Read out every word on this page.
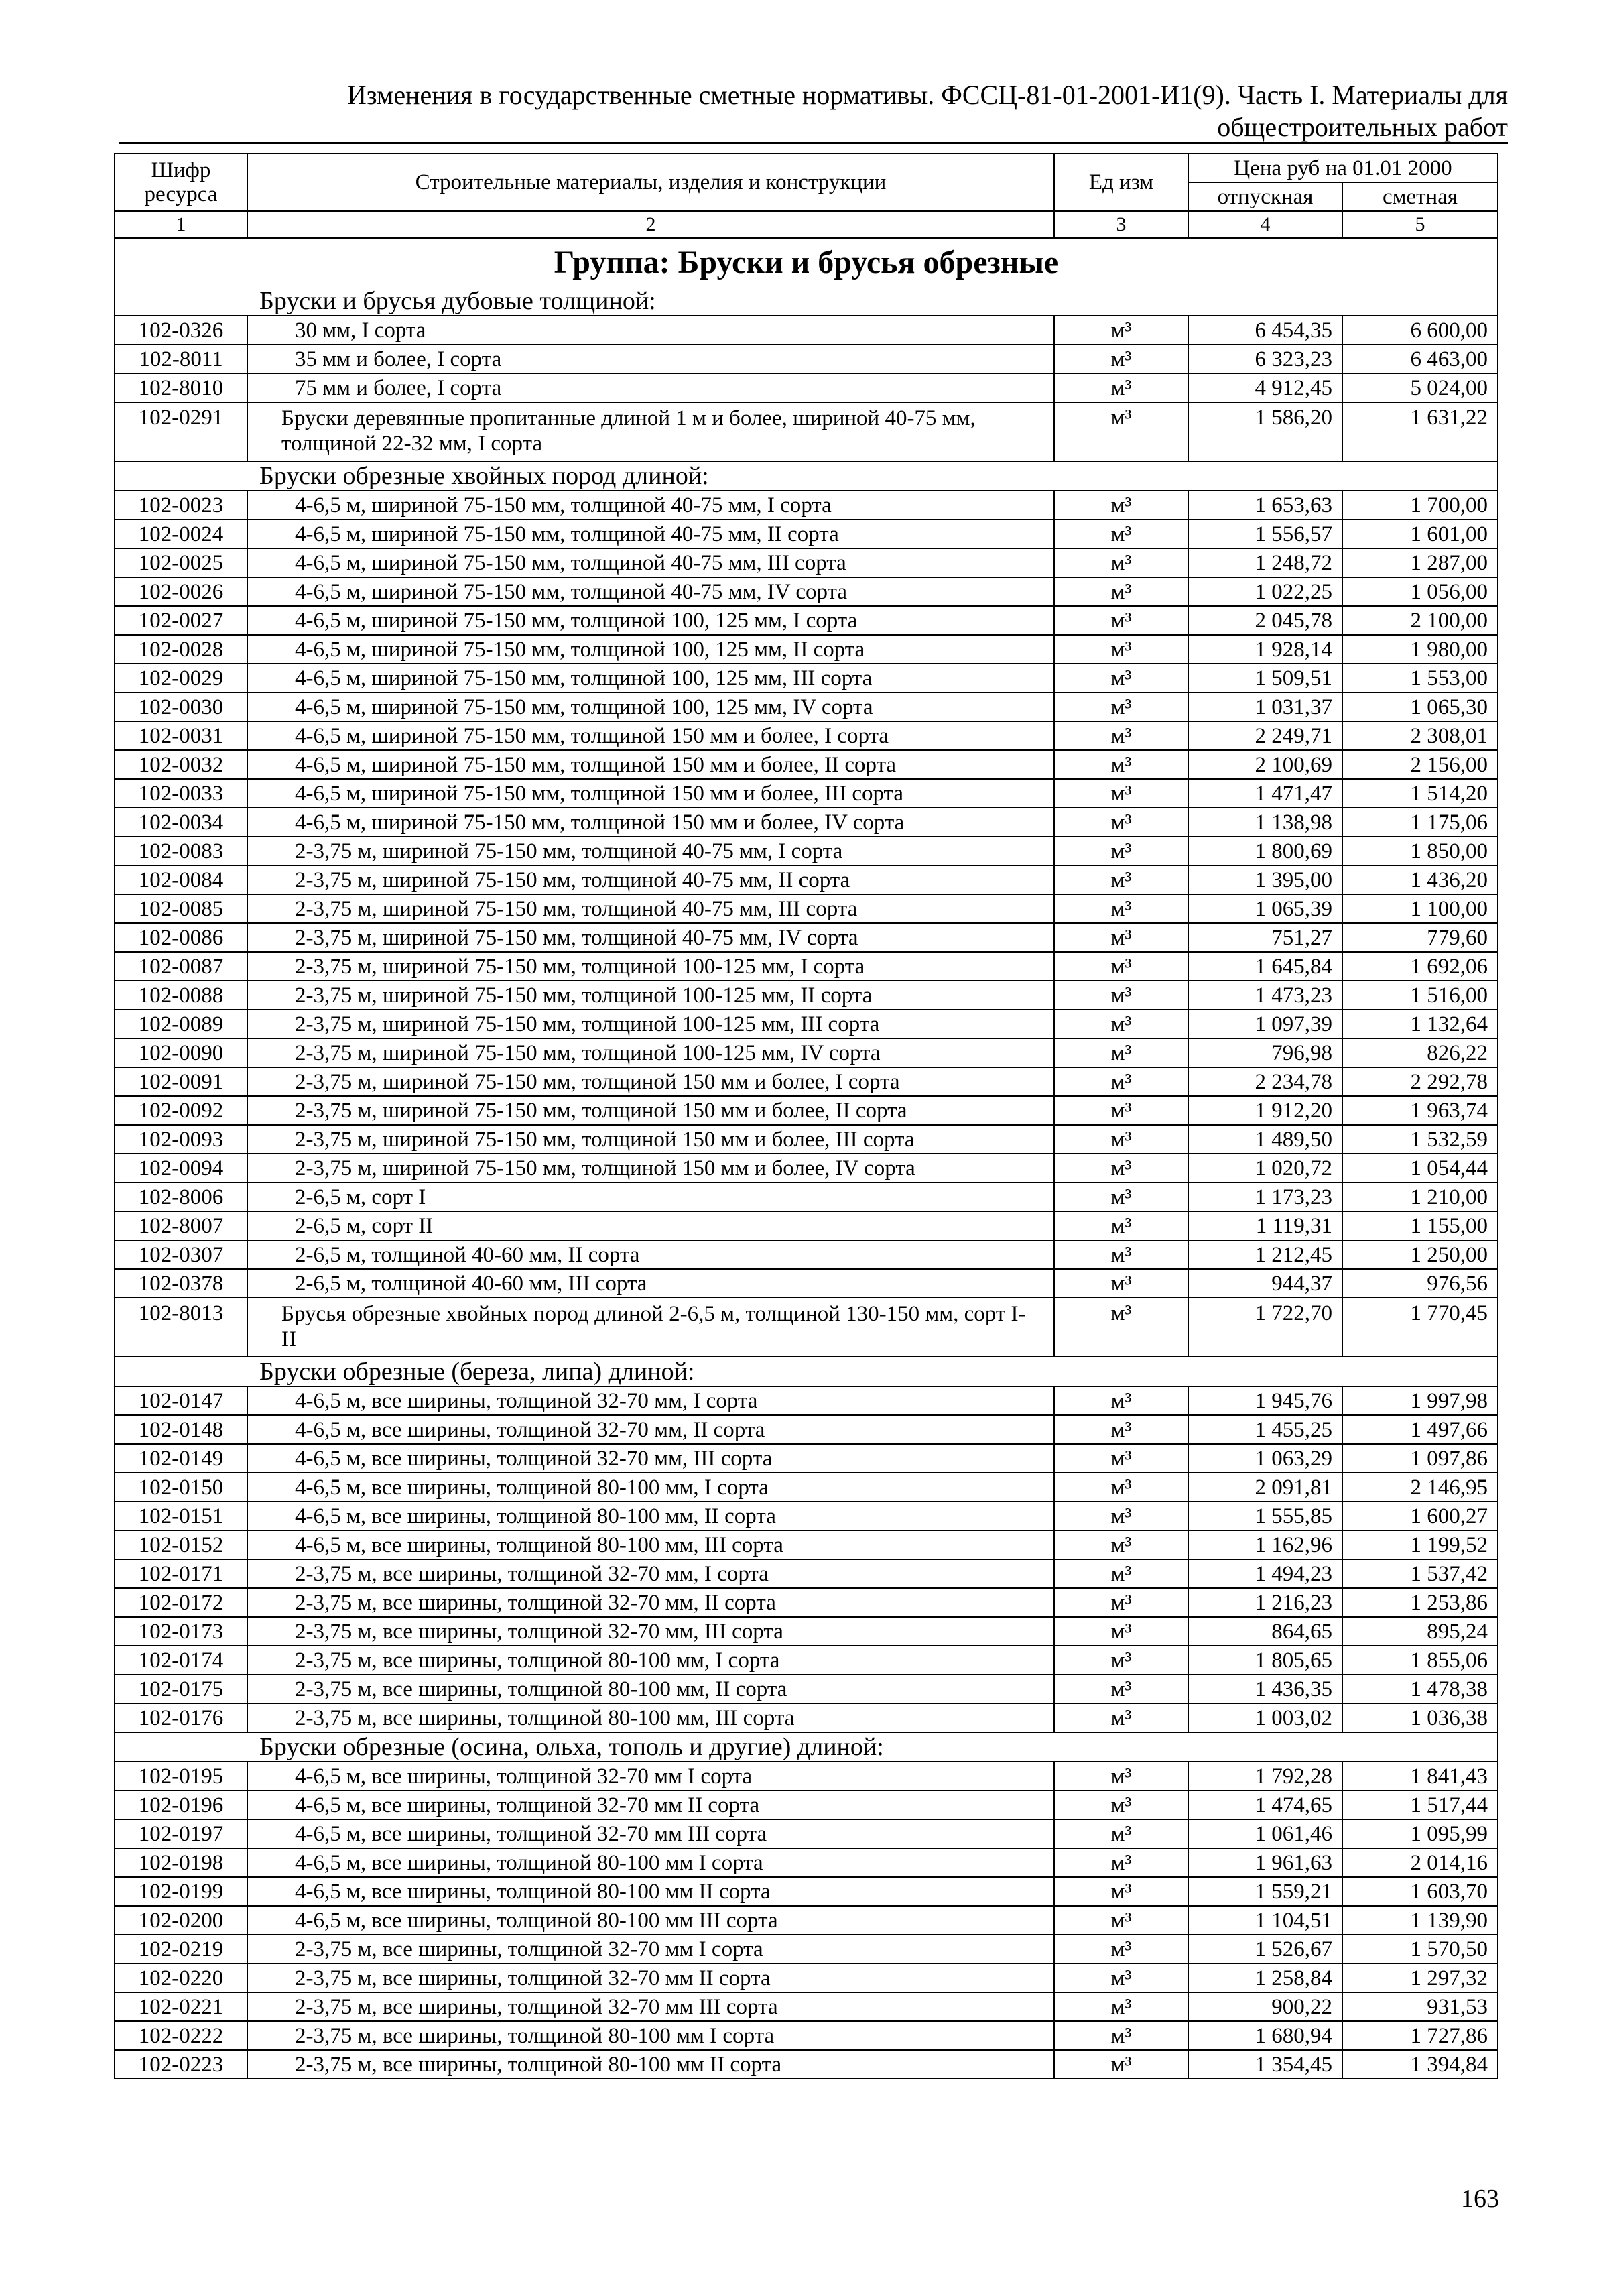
Изменения в государственные сметные нормативы. ФССЦ-81-01-2001-И1(9). Часть I. Материалы для
общестроительных работ
Шифр ресурса	Строительные материалы, изделия и конструкции	Ед изм	Цена руб на 01.01 2000	
			отпускная	сметная
1	2	3	4	5
Группа: Бруски и брусья обрезные				
Бруски и брусья дубовые толщиной:				
102-0326	30 мм, I сорта	м³	6 454,35	6 600,00
102-8011	35 мм и более, I сорта	м³	6 323,23	6 463,00
102-8010	75 мм и более, I сорта	м³	4 912,45	5 024,00
102-0291	Бруски деревянные пропитанные длиной 1 м и более, шириной 40-75 мм, толщиной 22-32 мм, I сорта	м³	1 586,20	1 631,22
Бруски обрезные хвойных пород длиной:				
102-0023	4-6,5 м, шириной 75-150 мм, толщиной 40-75 мм, I сорта	м³	1 653,63	1 700,00
102-0024	4-6,5 м, шириной 75-150 мм, толщиной 40-75 мм, II сорта	м³	1 556,57	1 601,00
102-0025	4-6,5 м, шириной 75-150 мм, толщиной 40-75 мм, III сорта	м³	1 248,72	1 287,00
102-0026	4-6,5 м, шириной 75-150 мм, толщиной 40-75 мм, IV сорта	м³	1 022,25	1 056,00
102-0027	4-6,5 м, шириной 75-150 мм, толщиной 100, 125 мм, I сорта	м³	2 045,78	2 100,00
102-0028	4-6,5 м, шириной 75-150 мм, толщиной 100, 125 мм, II сорта	м³	1 928,14	1 980,00
102-0029	4-6,5 м, шириной 75-150 мм, толщиной 100, 125 мм, III сорта	м³	1 509,51	1 553,00
102-0030	4-6,5 м, шириной 75-150 мм, толщиной 100, 125 мм, IV сорта	м³	1 031,37	1 065,30
102-0031	4-6,5 м, шириной 75-150 мм, толщиной 150 мм и более, I сорта	м³	2 249,71	2 308,01
102-0032	4-6,5 м, шириной 75-150 мм, толщиной 150 мм и более, II сорта	м³	2 100,69	2 156,00
102-0033	4-6,5 м, шириной 75-150 мм, толщиной 150 мм и более, III сорта	м³	1 471,47	1 514,20
102-0034	4-6,5 м, шириной 75-150 мм, толщиной 150 мм и более, IV сорта	м³	1 138,98	1 175,06
102-0083	2-3,75 м, шириной 75-150 мм, толщиной 40-75 мм, I сорта	м³	1 800,69	1 850,00
102-0084	2-3,75 м, шириной 75-150 мм, толщиной 40-75 мм, II сорта	м³	1 395,00	1 436,20
102-0085	2-3,75 м, шириной 75-150 мм, толщиной 40-75 мм, III сорта	м³	1 065,39	1 100,00
102-0086	2-3,75 м, шириной 75-150 мм, толщиной 40-75 мм, IV сорта	м³	751,27	779,60
102-0087	2-3,75 м, шириной 75-150 мм, толщиной 100-125 мм, I сорта	м³	1 645,84	1 692,06
102-0088	2-3,75 м, шириной 75-150 мм, толщиной 100-125 мм, II сорта	м³	1 473,23	1 516,00
102-0089	2-3,75 м, шириной 75-150 мм, толщиной 100-125 мм, III сорта	м³	1 097,39	1 132,64
102-0090	2-3,75 м, шириной 75-150 мм, толщиной 100-125 мм, IV сорта	м³	796,98	826,22
102-0091	2-3,75 м, шириной 75-150 мм, толщиной 150 мм и более, I сорта	м³	2 234,78	2 292,78
102-0092	2-3,75 м, шириной 75-150 мм, толщиной 150 мм и более, II сорта	м³	1 912,20	1 963,74
102-0093	2-3,75 м, шириной 75-150 мм, толщиной 150 мм и более, III сорта	м³	1 489,50	1 532,59
102-0094	2-3,75 м, шириной 75-150 мм, толщиной 150 мм и более, IV сорта	м³	1 020,72	1 054,44
102-8006	2-6,5 м, сорт I	м³	1 173,23	1 210,00
102-8007	2-6,5 м, сорт II	м³	1 119,31	1 155,00
102-0307	2-6,5 м, толщиной 40-60 мм, II сорта	м³	1 212,45	1 250,00
102-0378	2-6,5 м, толщиной 40-60 мм, III сорта	м³	944,37	976,56
102-8013	Брусья обрезные хвойных пород длиной 2-6,5 м, толщиной 130-150 мм, сорт I-II	м³	1 722,70	1 770,45
Бруски обрезные (береза, липа) длиной:				
102-0147	4-6,5 м, все ширины, толщиной 32-70 мм, I сорта	м³	1 945,76	1 997,98
102-0148	4-6,5 м, все ширины, толщиной 32-70 мм, II сорта	м³	1 455,25	1 497,66
102-0149	4-6,5 м, все ширины, толщиной 32-70 мм, III сорта	м³	1 063,29	1 097,86
102-0150	4-6,5 м, все ширины, толщиной 80-100 мм, I сорта	м³	2 091,81	2 146,95
102-0151	4-6,5 м, все ширины, толщиной 80-100 мм, II сорта	м³	1 555,85	1 600,27
102-0152	4-6,5 м, все ширины, толщиной 80-100 мм, III сорта	м³	1 162,96	1 199,52
102-0171	2-3,75 м, все ширины, толщиной 32-70 мм, I сорта	м³	1 494,23	1 537,42
102-0172	2-3,75 м, все ширины, толщиной 32-70 мм, II сорта	м³	1 216,23	1 253,86
102-0173	2-3,75 м, все ширины, толщиной 32-70 мм, III сорта	м³	864,65	895,24
102-0174	2-3,75 м, все ширины, толщиной 80-100 мм, I сорта	м³	1 805,65	1 855,06
102-0175	2-3,75 м, все ширины, толщиной 80-100 мм, II сорта	м³	1 436,35	1 478,38
102-0176	2-3,75 м, все ширины, толщиной 80-100 мм, III сорта	м³	1 003,02	1 036,38
Бруски обрезные (осина, ольха, тополь и другие) длиной:				
102-0195	4-6,5 м, все ширины, толщиной 32-70 мм I сорта	м³	1 792,28	1 841,43
102-0196	4-6,5 м, все ширины, толщиной 32-70 мм II сорта	м³	1 474,65	1 517,44
102-0197	4-6,5 м, все ширины, толщиной 32-70 мм III сорта	м³	1 061,46	1 095,99
102-0198	4-6,5 м, все ширины, толщиной 80-100 мм I сорта	м³	1 961,63	2 014,16
102-0199	4-6,5 м, все ширины, толщиной 80-100 мм II сорта	м³	1 559,21	1 603,70
102-0200	4-6,5 м, все ширины, толщиной 80-100 мм III сорта	м³	1 104,51	1 139,90
102-0219	2-3,75 м, все ширины, толщиной 32-70 мм I сорта	м³	1 526,67	1 570,50
102-0220	2-3,75 м, все ширины, толщиной 32-70 мм II сорта	м³	1 258,84	1 297,32
102-0221	2-3,75 м, все ширины, толщиной 32-70 мм III сорта	м³	900,22	931,53
102-0222	2-3,75 м, все ширины, толщиной 80-100 мм I сорта	м³	1 680,94	1 727,86
102-0223	2-3,75 м, все ширины, толщиной 80-100 мм II сорта	м³	1 354,45	1 394,84
163
